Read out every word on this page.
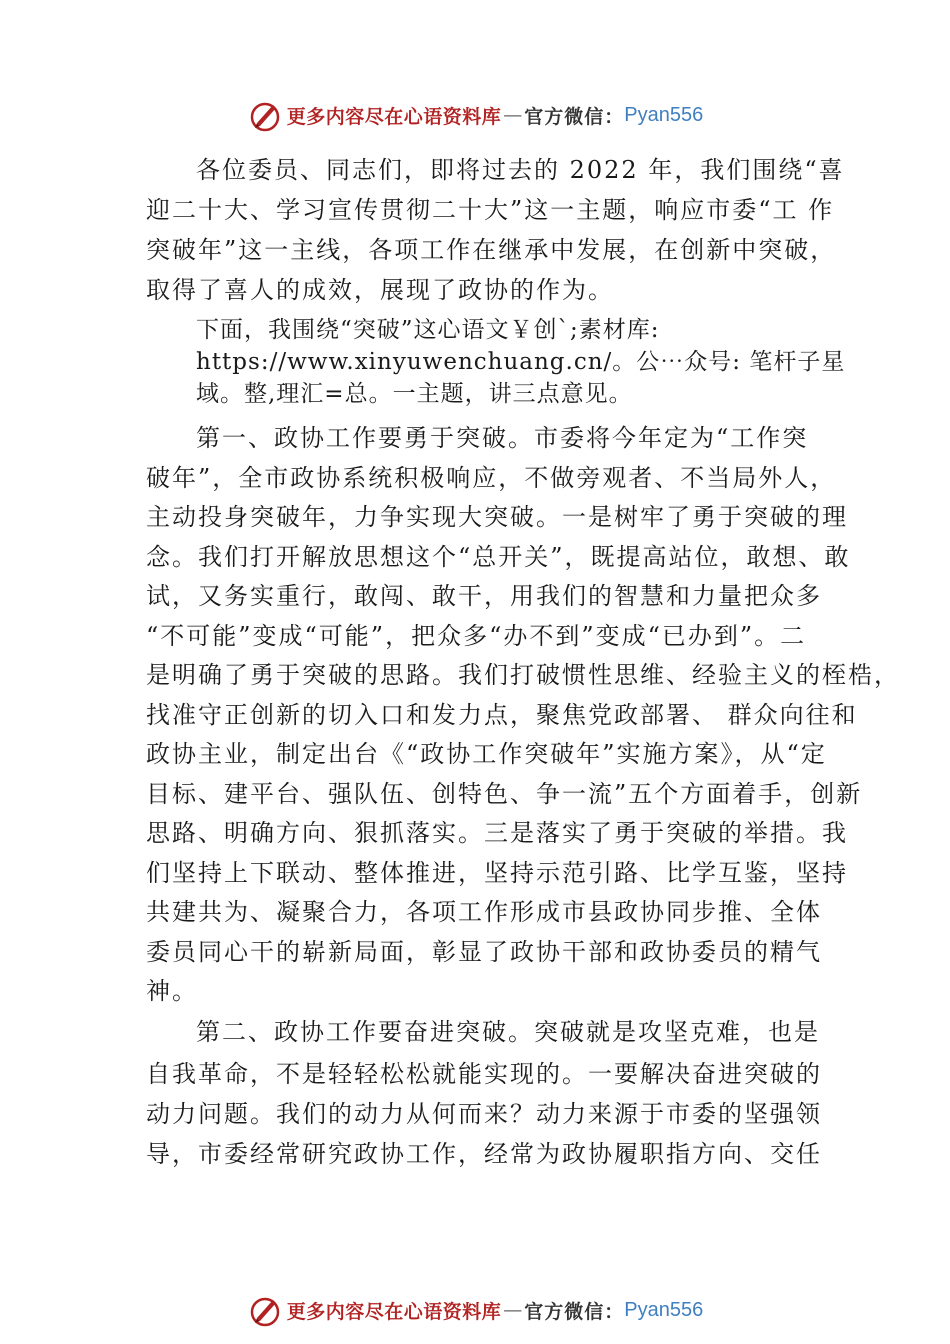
更多内容尽在心语资料库 — 官方微信： Pyan556
各位委员、同志们，即将过去的 2022 年，我们围绕“喜
迎二十大、学习宣传贯彻二十大”这一主题，响应市委“工 作
突破年”这一主线，各项工作在继承中发展，在创新中突破，
取得了喜人的成效，展现了政协的作为。
下面，我围绕“突破”这心语文￥创`;素材库:
https://www.xinyuwenchuang.cn/。公⋯众号: 笔杆子星
域。整,理汇=总。一主题，讲三点意见。
第一、政协工作要勇于突破。市委将今年定为“工作突
破年”，全市政协系统积极响应，不做旁观者、不当局外人，
主动投身突破年，力争实现大突破。一是树牢了勇于突破的理
念。我们打开解放思想这个“总开关”，既提高站位，敢想、敢
试，又务实重行，敢闯、敢干，用我们的智慧和力量把众多
“不可能”变成“可能”，把众多“办不到”变成“已办到”。二
是明确了勇于突破的思路。我们打破惯性思维、经验主义的桎梏，
找准守正创新的切入口和发力点，聚焦党政部署、 群众向往和
政协主业，制定出台《“政协工作突破年”实施方案》，从“定
目标、建平台、强队伍、创特色、争一流”五个方面着手，创新
思路、明确方向、狠抓落实。三是落实了勇于突破的举措。我
们坚持上下联动、整体推进，坚持示范引路、比学互鉴，坚持
共建共为、凝聚合力，各项工作形成市县政协同步推、全体
委员同心干的崭新局面，彰显了政协干部和政协委员的精气
神。
第二、政协工作要奋进突破。突破就是攻坚克难，也是
自我革命，不是轻轻松松就能实现的。一要解决奋进突破的
动力问题。我们的动力从何而来？动力来源于市委的坚强领
导，市委经常研究政协工作，经常为政协履职指方向、交任
更多内容尽在心语资料库 — 官方微信： Pyan556
